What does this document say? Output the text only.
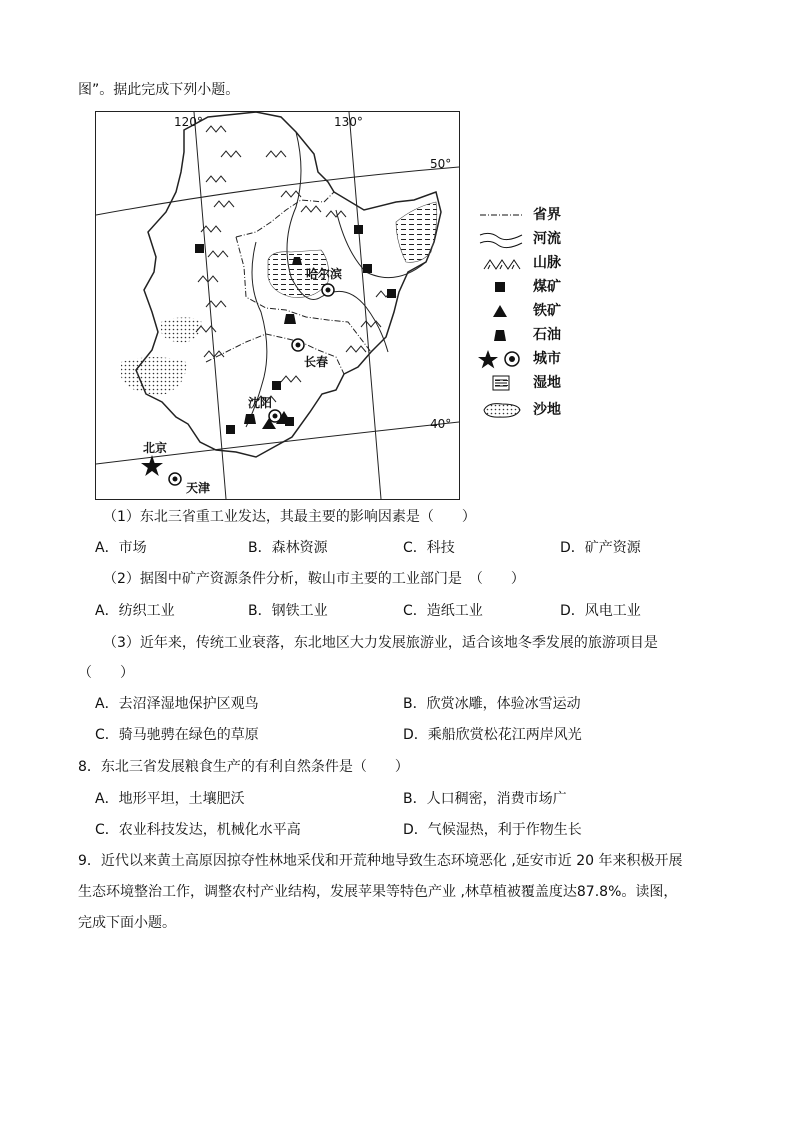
图”。据此完成下列小题。
120°	130°
50°
40°
哈尔滨
长春
沈阳
北京
天津
省界
河流
山脉
煤矿
铁矿
石油
城市
湿地
沙地
（1）东北三省重工业发达，其最主要的影响因素是（　　）
A．市场	B．森林资源	C．科技	D．矿产资源
（2）据图中矿产资源条件分析，鞍山市主要的工业部门是　（　　）
A．纺织工业	B．钢铁工业	C．造纸工业	D．风电工业
（3）近年来，传统工业衰落，东北地区大力发展旅游业，适合该地冬季发展的旅游项目是
（　　）
A．去沼泽湿地保护区观鸟	B．欣赏冰雕，体验冰雪运动
C．骑马驰骋在绿色的草原	D．乘船欣赏松花江两岸风光
8．东北三省发展粮食生产的有利自然条件是（　　）
A．地形平坦，土壤肥沃	B．人口稠密，消费市场广
C．农业科技发达，机械化水平高	D．气候湿热，利于作物生长
9．近代以来黄土高原因掠夺性林地采伐和开荒种地导致生态环境恶化 ,延安市近 20 年来积极开展
生态环境整治工作，调整农村产业结构，发展苹果等特色产业 ,林草植被覆盖度达87.8%。读图，
完成下面小题。
